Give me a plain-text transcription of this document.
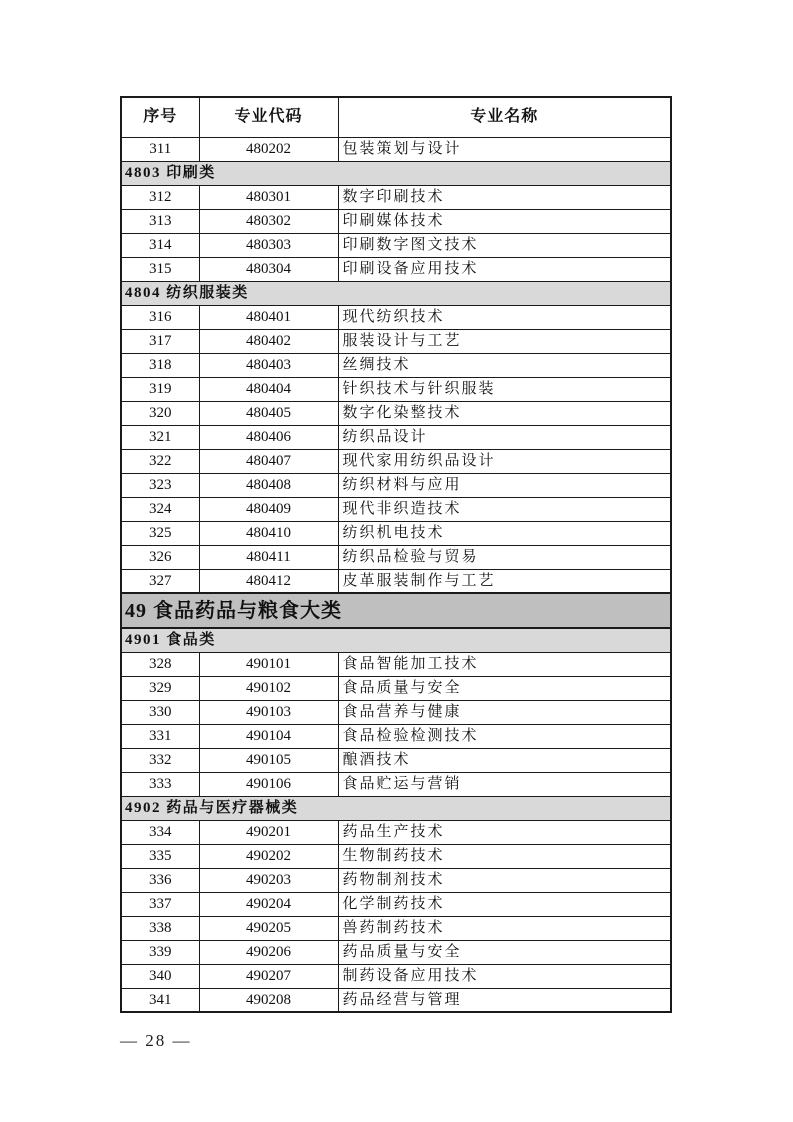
序号	专业代码	专业名称
311	480202	包装策划与设计
4803 印刷类		
312	480301	数字印刷技术
313	480302	印刷媒体技术
314	480303	印刷数字图文技术
315	480304	印刷设备应用技术
4804 纺织服装类		
316	480401	现代纺织技术
317	480402	服装设计与工艺
318	480403	丝绸技术
319	480404	针织技术与针织服装
320	480405	数字化染整技术
321	480406	纺织品设计
322	480407	现代家用纺织品设计
323	480408	纺织材料与应用
324	480409	现代非织造技术
325	480410	纺织机电技术
326	480411	纺织品检验与贸易
327	480412	皮革服装制作与工艺
49 食品药品与粮食大类		
4901 食品类		
328	490101	食品智能加工技术
329	490102	食品质量与安全
330	490103	食品营养与健康
331	490104	食品检验检测技术
332	490105	酿酒技术
333	490106	食品贮运与营销
4902 药品与医疗器械类		
334	490201	药品生产技术
335	490202	生物制药技术
336	490203	药物制剂技术
337	490204	化学制药技术
338	490205	兽药制药技术
339	490206	药品质量与安全
340	490207	制药设备应用技术
341	490208	药品经营与管理
— 28 —
